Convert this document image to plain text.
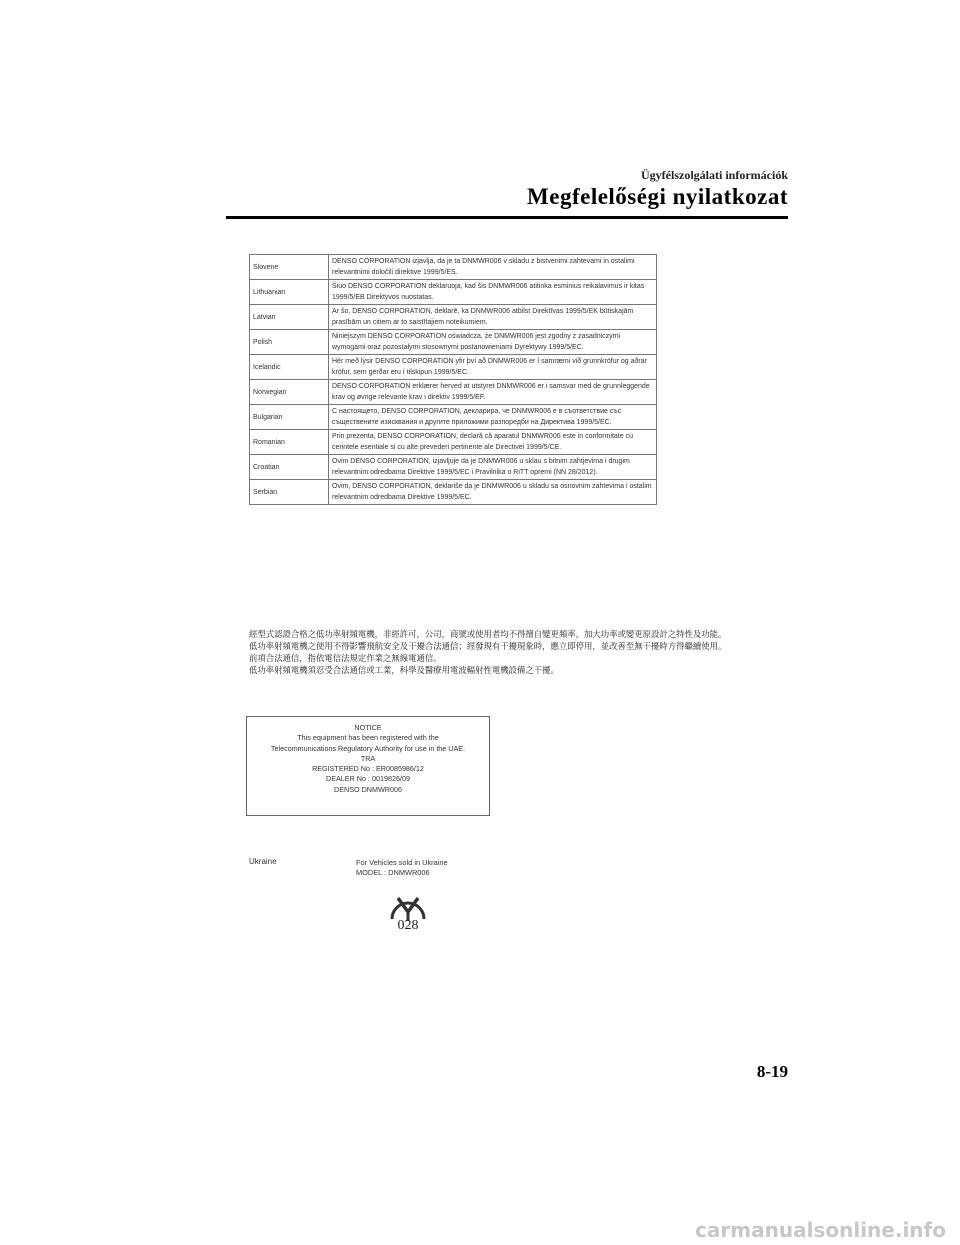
Ügyfélszolgálati információk
Megfelelőségi nyilatkozat
Slovene	DENSO CORPORATION izjavlja, da je ta DNMWR006 v skladu z bistvenimi zahtevami in ostalimi relevantnimi določili direktive 1999/5/ES.
Lithuanian	Šiuo DENSO CORPORATION deklaruoja, kad šis DNMWR006 atitinka esminius reikalavimus ir kitas 1999/5/EB Direktyvos nuostatas.
Latvian	Ar šo, DENSO CORPORATION, deklarē, ka DNMWR006 atbilst Direktīvas 1999/5/EK būtiskajām prasībām un citiem ar to saistītajiem noteikumiem.
Polish	Niniejszym DENSO CORPORATION oświadcza, że DNMWR006 jest zgodny z zasadniczymi wymogami oraz pozostałymi stosownymi postanowieniami Dyrektywy 1999/5/EC.
Icelandic	Hér með lýsir DENSO CORPORATION yfir því að DNMWR006 er í samræmi við grunnkröfur og aðrar kröfur, sem gerðar eru í tilskipun 1999/5/EC.
Norwegian	DENSO CORPORATION erklærer herved at utstyret DNMWR006 er i samsvar med de grunnleggende krav og øvrige relevante krav i direktiv 1999/5/EF.
Bulgarian	С настоящето, DENSO CORPORATION, декларира, че DNMWR006 е в съответствие със съществените изисквания и другите приложими разпоредби на Директива 1999/5/ЕС.
Romanian	Prin prezenta, DENSO CORPORATION, declară că aparatul DNMWR006 este in conformitate cu cerintele esentiale si cu alte prevederi pertinente ale Directivei 1999/5/CE.
Croatian	Ovim DENSO CORPORATION, izjavljuje da je DNMWR006 u sklau s bitnim zahtjevima i drugim relevantnim odredbama Direktive 1999/5/EC i Pravilnika o RiTT opremi (NN 28/2012).
Serbian	Ovim, DENSO CORPORATION, deklariše da je DNMWR006 u skladu sa osnovnim zahtevima i ostalim relevantnim odredbama Direktive 1999/5/EC.
經型式認證合格之低功率射頻電機，非經許可，公司，商號或使用者均不得擅自變更頻率，加大功率或變更原設計之特性及功能。
低功率射頻電機之使用不得影響飛航安全及干擾合法通信；經發現有干擾現象時，應立即停用，並改善至無干擾時方得繼續使用。
前項合法通信，指依電信法規定作業之無線電通信。
低功率射頻電機須忍受合法通信或工業，科學及醫療用電波輻射性電機設備之干擾。
NOTICE
This equipment has been registered with the
Telecommunications Regulatory Authority for use in the UAE.
TRA
REGISTERED No : ER0085986/12
DEALER No : 0019826/09
DENSO DNMWR006
Ukraine	For Vehicles sold in Ukraine
MODEL : DNMWR006
028
8-19
carmanualsonline.info
